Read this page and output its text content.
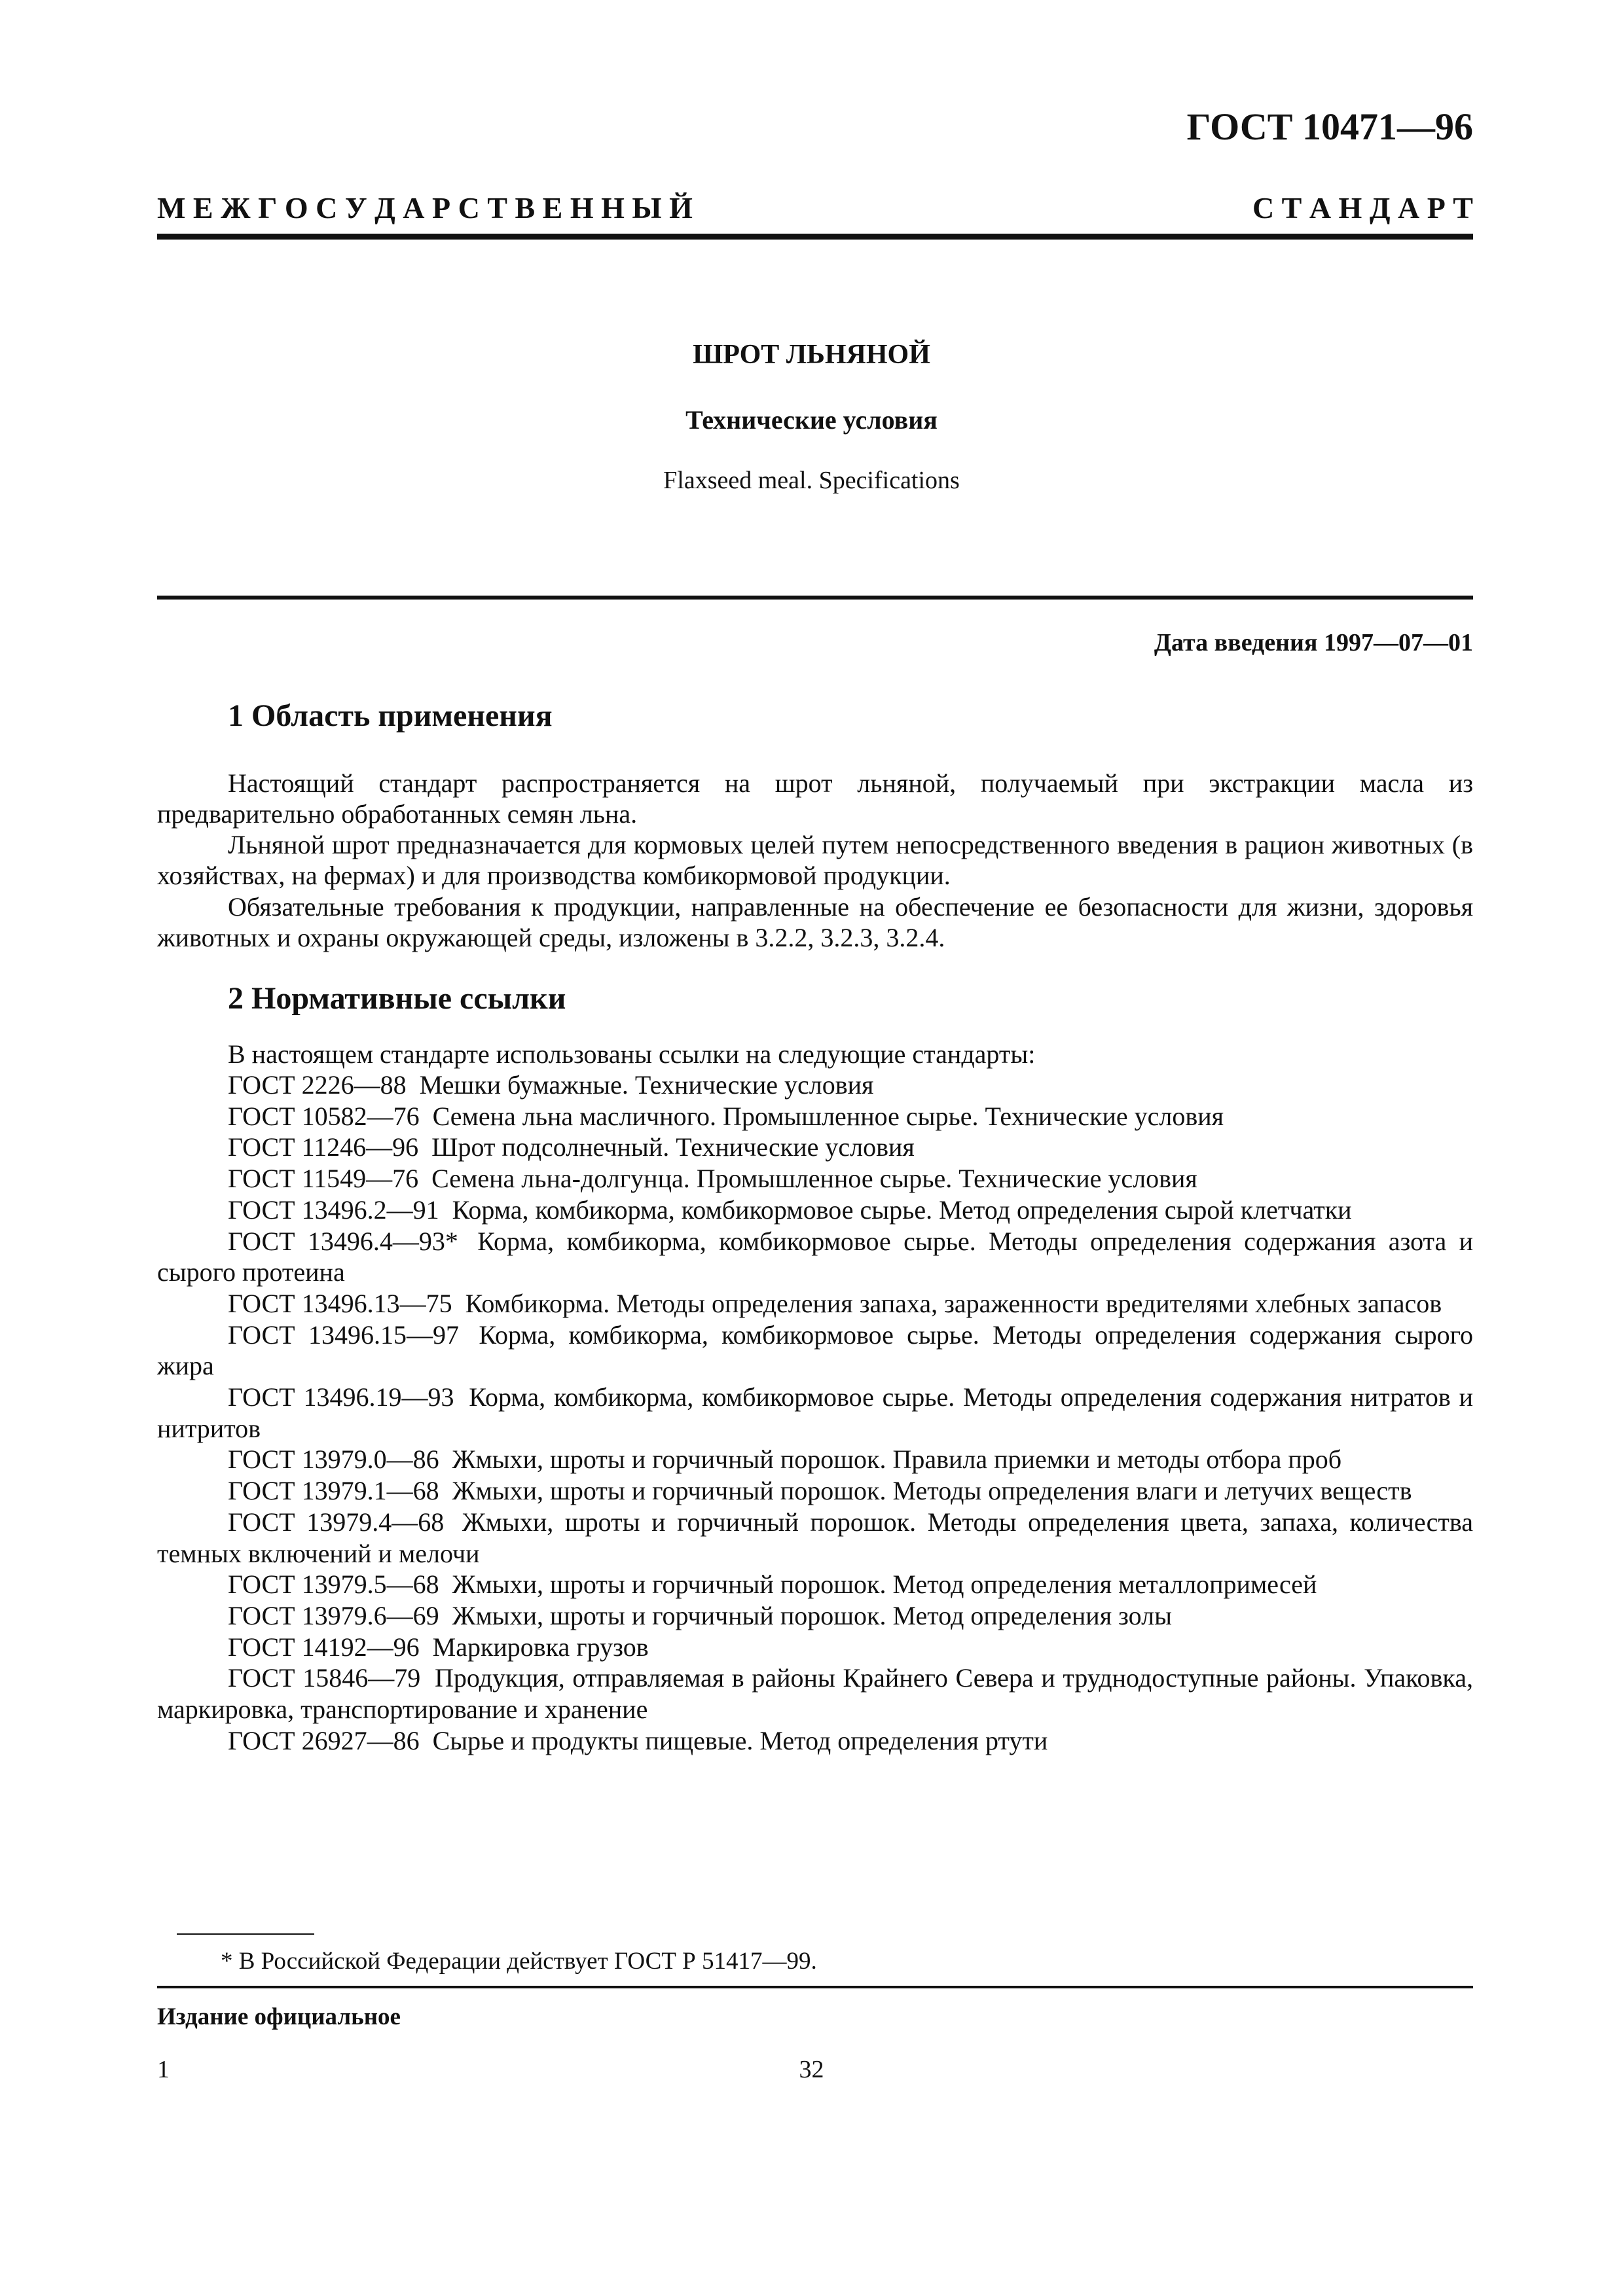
ГОСТ 10471—96
М Е Ж Г О С У Д А Р С Т В Е Н Н Ы Й	С Т А Н Д А Р Т
ШРОТ ЛЬНЯНОЙ
Технические условия
Flaxseed meal. Specifications
Дата введения 1997—07—01
1 Область применения
Настоящий стандарт распространяется на шрот льняной, получаемый при экстракции масла из предварительно обработанных семян льна.
Льняной шрот предназначается для кормовых целей путем непосредственного введения в рацион животных (в хозяйствах, на фермах) и для производства комбикормовой продукции.
Обязательные требования к продукции, направленные на обеспечение ее безопасности для жизни, здоровья животных и охраны окружающей среды, изложены в 3.2.2, 3.2.3, 3.2.4.
2 Нормативные ссылки
В настоящем стандарте использованы ссылки на следующие стандарты:
ГОСТ 2226—88 Мешки бумажные. Технические условия
ГОСТ 10582—76 Семена льна масличного. Промышленное сырье. Технические условия
ГОСТ 11246—96 Шрот подсолнечный. Технические условия
ГОСТ 11549—76 Семена льна-долгунца. Промышленное сырье. Технические условия
ГОСТ 13496.2—91 Корма, комбикорма, комбикормовое сырье. Метод определения сырой клетчатки
ГОСТ 13496.4—93* Корма, комбикорма, комбикормовое сырье. Методы определения содержания азота и сырого протеина
ГОСТ 13496.13—75 Комбикорма. Методы определения запаха, зараженности вредителями хлебных запасов
ГОСТ 13496.15—97 Корма, комбикорма, комбикормовое сырье. Методы определения содержания сырого жира
ГОСТ 13496.19—93 Корма, комбикорма, комбикормовое сырье. Методы определения содержания нитратов и нитритов
ГОСТ 13979.0—86 Жмыхи, шроты и горчичный порошок. Правила приемки и методы отбора проб
ГОСТ 13979.1—68 Жмыхи, шроты и горчичный порошок. Методы определения влаги и летучих веществ
ГОСТ 13979.4—68 Жмыхи, шроты и горчичный порошок. Методы определения цвета, запаха, количества темных включений и мелочи
ГОСТ 13979.5—68 Жмыхи, шроты и горчичный порошок. Метод определения металлопримесей
ГОСТ 13979.6—69 Жмыхи, шроты и горчичный порошок. Метод определения золы
ГОСТ 14192—96 Маркировка грузов
ГОСТ 15846—79 Продукция, отправляемая в районы Крайнего Севера и труднодоступные районы. Упаковка, маркировка, транспортирование и хранение
ГОСТ 26927—86 Сырье и продукты пищевые. Метод определения ртути
* В Российской Федерации действует ГОСТ Р 51417—99.
Издание официальное
1	32
